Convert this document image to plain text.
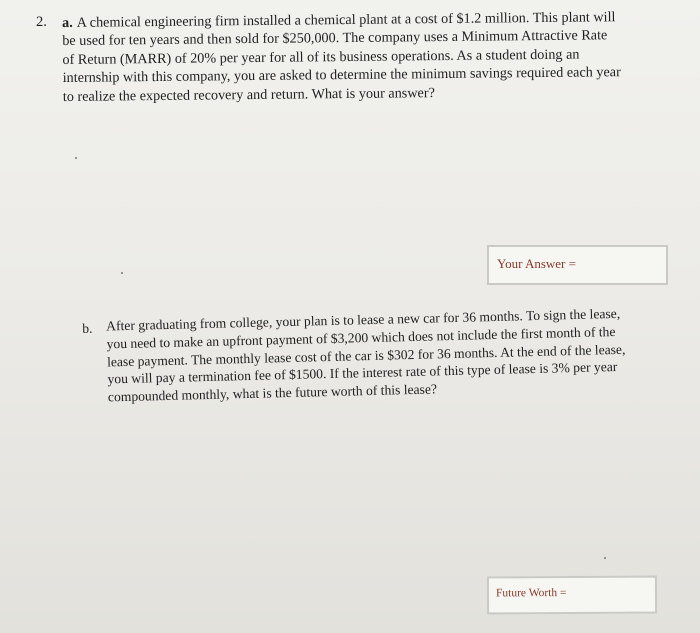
2. a. A chemical engineering firm installed a chemical plant at a cost of $1.2 million. This plant will be used for ten years and then sold for $250,000. The company uses a Minimum Attractive Rate of Return (MARR) of 20% per year for all of its business operations. As a student doing an internship with this company, you are asked to determine the minimum savings required each year to realize the expected recovery and return. What is your answer?

Your Answer =

b. After graduating from college, your plan is to lease a new car for 36 months. To sign the lease, you need to make an upfront payment of $3,200 which does not include the first month of the lease payment. The monthly lease cost of the car is $302 for 36 months. At the end of the lease, you will pay a termination fee of $1500. If the interest rate of this type of lease is 3% per year compounded monthly, what is the future worth of this lease?

Future Worth =
